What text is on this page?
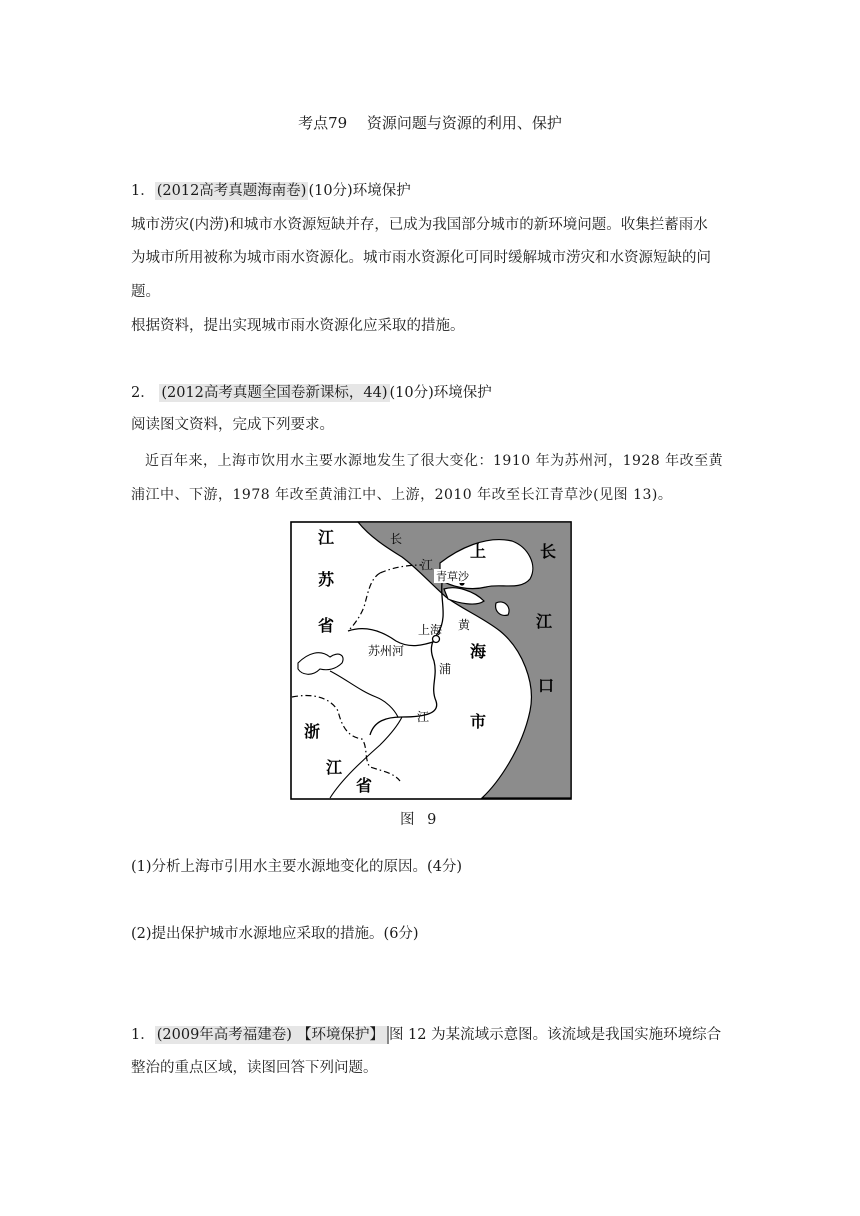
考点79　 资源问题与资源的利用、保护
1． (2012高考真题海南卷) (10分)环境保护
城市涝灾(内涝)和城市水资源短缺并存，已成为我国部分城市的新环境问题。收集拦蓄雨水
为城市所用被称为城市雨水资源化。城市雨水资源化可同时缓解城市涝灾和水资源短缺的问
题。
根据资料，提出实现城市雨水资源化应采取的措施。
2． (2012高考真题全国卷新课标，44) (10分)环境保护
阅读图文资料，完成下列要求。
近百年来，上海市饮用水主要水源地发生了很大变化：1910 年为苏州河，1928 年改至黄
浦江中、下游，1978 年改至黄浦江中、上游，2010 年改至长江青草沙(见图 13)。
江
苏
省
浙
江
省
上
海
市
长
江
口
长
江
黄
浦
江
苏州河
上海
青草沙
图 9
(1)分析上海市引用水主要水源地变化的原因。(4分)
(2)提出保护城市水源地应采取的措施。(6分)
1． (2009年高考福建卷) 【环境保护】 图 12 为某流域示意图。该流域是我国实施环境综合
整治的重点区域，读图回答下列问题。
